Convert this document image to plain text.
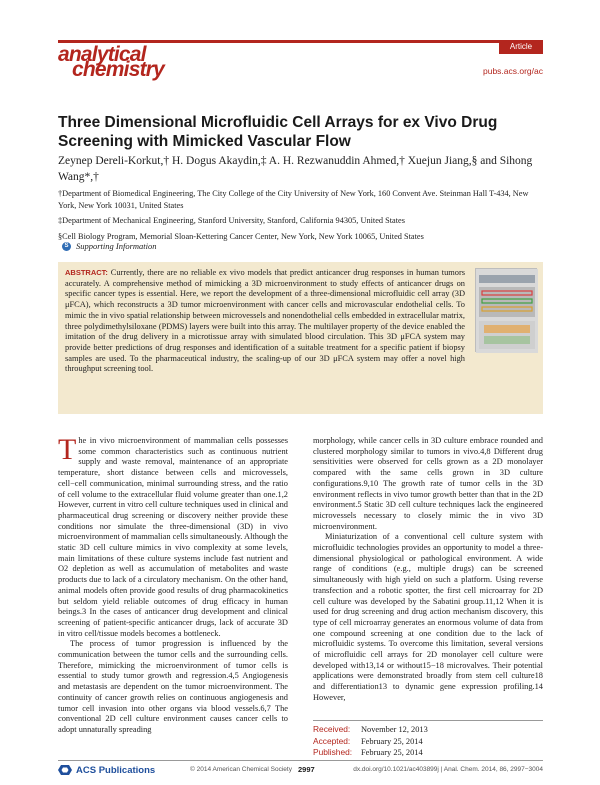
analytical
chemistry
Article
pubs.acs.org/ac
Three Dimensional Microfluidic Cell Arrays for ex Vivo Drug Screening with Mimicked Vascular Flow
Zeynep Dereli-Korkut,† H. Dogus Akaydin,‡ A. H. Rezwanuddin Ahmed,† Xuejun Jiang,§ and Sihong Wang*,†

†Department of Biomedical Engineering, The City College of the City University of New York, 160 Convent Ave. Steinman Hall T-434, New York, New York 10031, United States

‡Department of Mechanical Engineering, Stanford University, Stanford, California 94305, United States

§Cell Biology Program, Memorial Sloan-Kettering Cancer Center, New York, New York 10065, United States

S Supporting Information
ABSTRACT: Currently, there are no reliable ex vivo models that predict anticancer drug responses in human tumors accurately. A comprehensive method of mimicking a 3D microenvironment to study effects of anticancer drugs on specific cancer types is essential. Here, we report the development of a three-dimensional microfluidic cell array (3D μFCA), which reconstructs a 3D tumor microenvironment with cancer cells and microvascular endothelial cells. To mimic the in vivo spatial relationship between microvessels and nonendothelial cells embedded in extracellular matrix, three polydimethylsiloxane (PDMS) layers were built into this array. The multilayer property of the device enabled the imitation of the drug delivery in a microtissue array with simulated blood circulation. This 3D μFCA system may provide better predictions of drug responses and identification of a suitable treatment for a specific patient if biopsy samples are used. To the pharmaceutical industry, the scaling-up of our 3D μFCA system may offer a novel high throughput screening tool.

The in vivo microenvironment of mammalian cells possesses some common characteristics such as continuous nutrient supply and waste removal, maintenance of an appropriate temperature, short distance between cells and microvessels, cell−cell communication, minimal surrounding stress, and the ratio of cell volume to the extracellular fluid volume greater than one.1,2 However, current in vitro cell culture techniques used in clinical and pharmaceutical drug screening or discovery neither provide these conditions nor simulate the three-dimensional (3D) in vivo microenvironment of mammalian cells simultaneously. Although the static 3D cell culture mimics in vivo complexity at some levels, main limitations of these culture systems include fast nutrient and O2 depletion as well as accumulation of metabolites and waste products due to lack of a circulatory mechanism. On the other hand, animal models often provide good results of drug pharmacokinetics but seldom yield reliable outcomes of drug efficacy in human beings.3 In the cases of anticancer drug development and clinical screening of patient-specific anticancer drugs, lack of accurate 3D in vitro cell/tissue models becomes a bottleneck.

The process of tumor progression is influenced by the communication between the tumor cells and the surrounding cells. Therefore, mimicking the microenvironment of tumor cells is essential to study tumor growth and regression.4,5 Angiogenesis and metastasis are dependent on the tumor microenvironment. The continuity of cancer growth relies on continuous angiogenesis and tumor cell invasion into other organs via blood vessels.6,7 The conventional 2D cell culture environment causes cancer cells to adopt unnaturally spreading

morphology, while cancer cells in 3D culture embrace rounded and clustered morphology similar to tumors in vivo.4,8 Different drug sensitivities were observed for cells grown as a 2D monolayer compared with the same cells grown in 3D culture configurations.9,10 The growth rate of tumor cells in the 3D environment reflects in vivo tumor growth better than that in the 2D environment.5 Static 3D cell culture techniques lack the engineered microvessels necessary to closely mimic the in vivo 3D microenvironment.

Miniaturization of a conventional cell culture system with microfluidic technologies provides an opportunity to model a three-dimensional physiological or pathological environment. A wide range of conditions (e.g., multiple drugs) can be screened simultaneously with high yield on such a platform. Using reverse transfection and a robotic spotter, the first cell microarray for 2D cell culture was developed by the Sabatini group.11,12 When it is used for drug screening and drug action mechanism discovery, this type of cell microarray generates an enormous volume of data from one compound screening at one condition due to the lack of microfluidic systems. To overcome this limitation, several versions of microfluidic cell arrays for 2D monolayer cell culture were developed with13,14 or without15−18 microvalves. Their potential applications were demonstrated broadly from stem cell culture18 and differentiation13 to dynamic gene expression profiling.14 However,

Received: November 12, 2013
Accepted: February 25, 2014
Published: February 25, 2014
ACS Publications	© 2014 American Chemical Society 2997	dx.doi.org/10.1021/ac403899j | Anal. Chem. 2014, 86, 2997−3004
